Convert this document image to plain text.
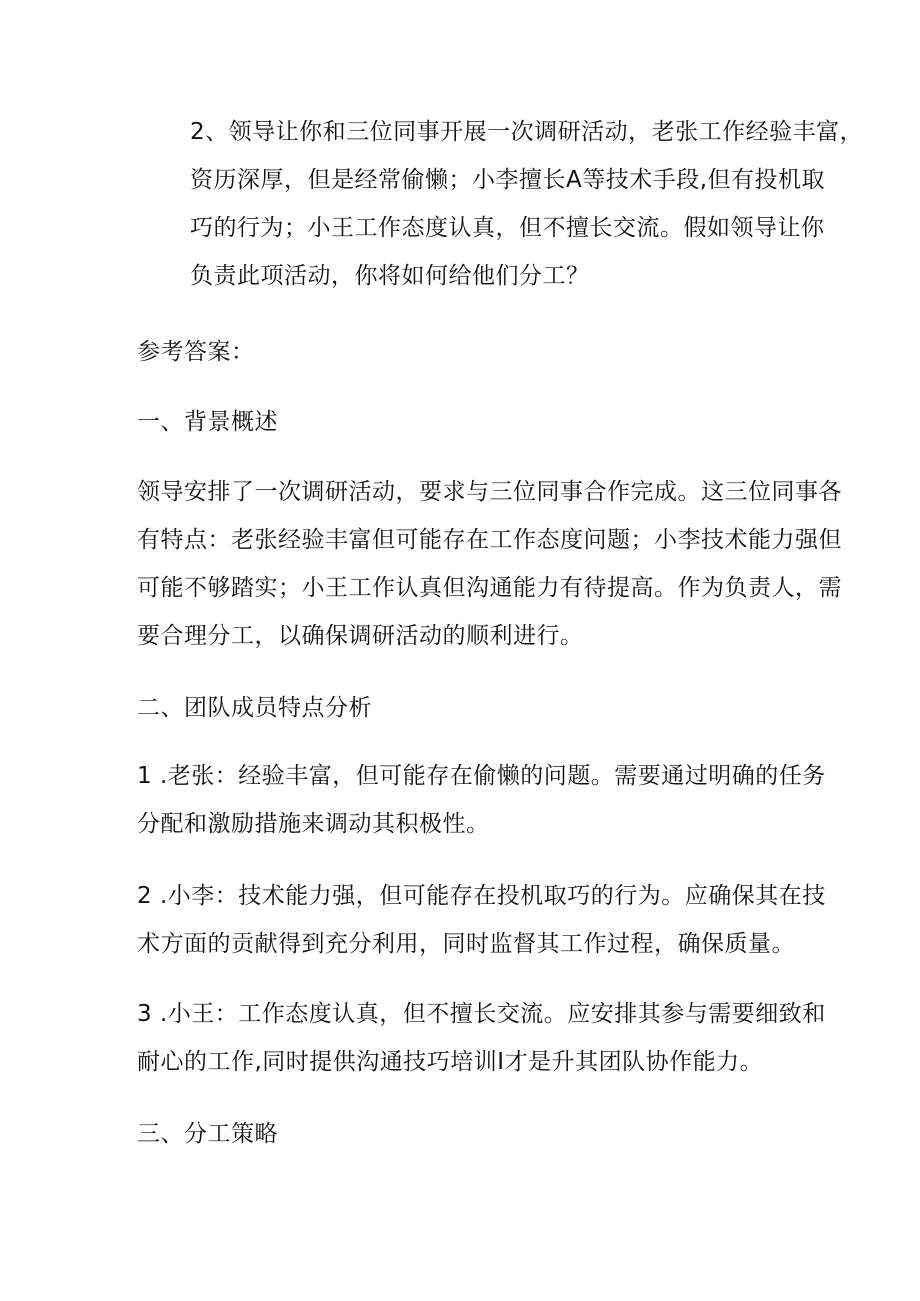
2、领导让你和三位同事开展一次调研活动，老张工作经验丰富，
资历深厚，但是经常偷懒；小李擅长A等技术手段,但有投机取
巧的行为；小王工作态度认真，但不擅长交流。假如领导让你
负责此项活动，你将如何给他们分工？
参考答案：
一、背景概述
领导安排了一次调研活动，要求与三位同事合作完成。这三位同事各
有特点：老张经验丰富但可能存在工作态度问题；小李技术能力强但
可能不够踏实；小王工作认真但沟通能力有待提高。作为负责人，需
要合理分工，以确保调研活动的顺利进行。
二、团队成员特点分析
1 .老张：经验丰富，但可能存在偷懒的问题。需要通过明确的任务
分配和激励措施来调动其积极性。
2 .小李：技术能力强，但可能存在投机取巧的行为。应确保其在技
术方面的贡献得到充分利用，同时监督其工作过程，确保质量。
3 .小王：工作态度认真，但不擅长交流。应安排其参与需要细致和
耐心的工作,同时提供沟通技巧培训I才是升其团队协作能力。
三、分工策略
